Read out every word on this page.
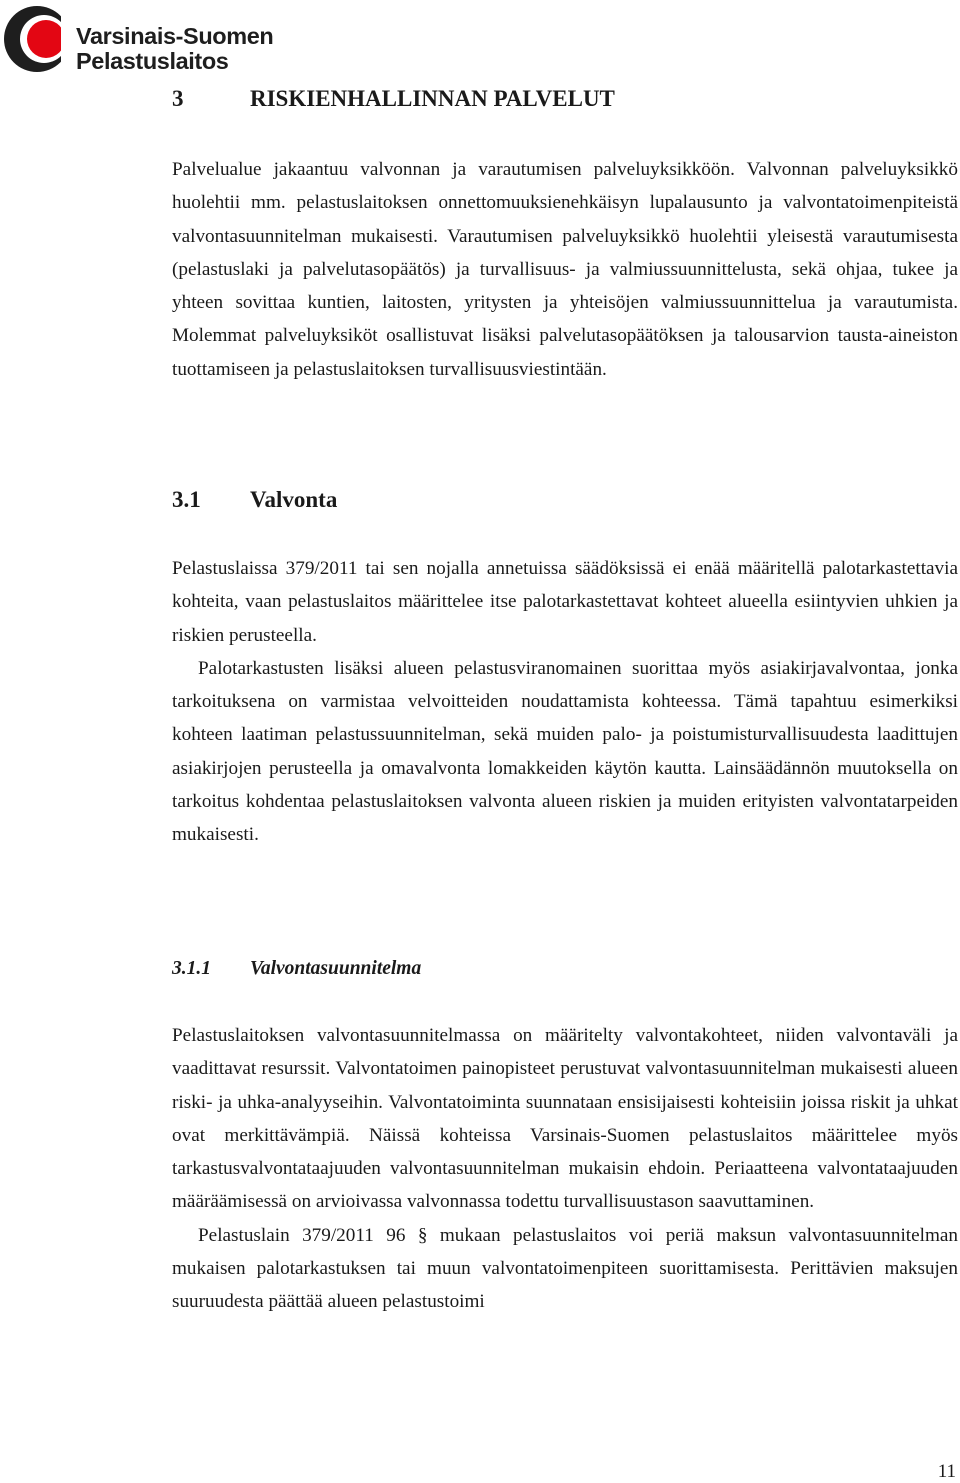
Varsinais-Suomen
Pelastuslaitos
3	RISKIENHALLINNAN PALVELUT

Palvelualue jakaantuu valvonnan ja varautumisen palveluyksikköön. Valvonnan palveluyksikkö huolehtii mm. pelastuslaitoksen onnettomuuksienehkäisyn lupalausunto ja valvontatoimenpiteistä valvontasuunnitelman mukaisesti. Varautumisen palveluyksikkö huolehtii yleisestä varautumisesta (pelastuslaki ja palvelutasopäätös) ja turvallisuus- ja valmiussuunnittelusta, sekä ohjaa, tukee ja yhteen sovittaa kuntien, laitosten, yritysten ja yhteisöjen valmiussuunnittelua ja varautumista. Molemmat palveluyksiköt osallistuvat lisäksi palvelutasopäätöksen ja talousarvion tausta-aineiston tuottamiseen ja pelastuslaitoksen turvallisuusviestintään.

3.1 Valvonta

Pelastuslaissa 379/2011 tai sen nojalla annetuissa säädöksissä ei enää määritellä palotarkastettavia kohteita, vaan pelastuslaitos määrittelee itse palotarkastettavat kohteet alueella esiintyvien uhkien ja riskien perusteella.

Palotarkastusten lisäksi alueen pelastusviranomainen suorittaa myös asiakirjavalvontaa, jonka tarkoituksena on varmistaa velvoitteiden noudattamista kohteessa. Tämä tapahtuu esimerkiksi kohteen laatiman pelastussuunnitelman, sekä muiden palo- ja poistumisturvallisuudesta laadittujen asiakirjojen perusteella ja omavalvonta lomakkeiden käytön kautta. Lainsäädännön muutoksella on tarkoitus kohdentaa pelastuslaitoksen valvonta alueen riskien ja muiden erityisten valvontatarpeiden mukaisesti.

3.1.1 Valvontasuunnitelma

Pelastuslaitoksen valvontasuunnitelmassa on määritelty valvontakohteet, niiden valvontaväli ja vaadittavat resurssit. Valvontatoimen painopisteet perustuvat valvontasuunnitelman mukaisesti alueen riski- ja uhka-analyyseihin. Valvontatoiminta suunnataan ensisijaisesti kohteisiin joissa riskit ja uhkat ovat merkittävämpiä. Näissä kohteissa Varsinais-Suomen pelastuslaitos määrittelee myös tarkastusvalvontataajuuden valvontasuunnitelman mukaisin ehdoin. Periaatteena valvontataajuuden määräämisessä on arvioivassa valvonnassa todettu turvallisuustason saavuttaminen.

Pelastuslain 379/2011 96 § mukaan pelastuslaitos voi periä maksun valvontasuunnitelman mukaisen palotarkastuksen tai muun valvontatoimenpiteen suorittamisesta. Perittävien maksujen suuruudesta päättää alueen pelastustoimi

11
